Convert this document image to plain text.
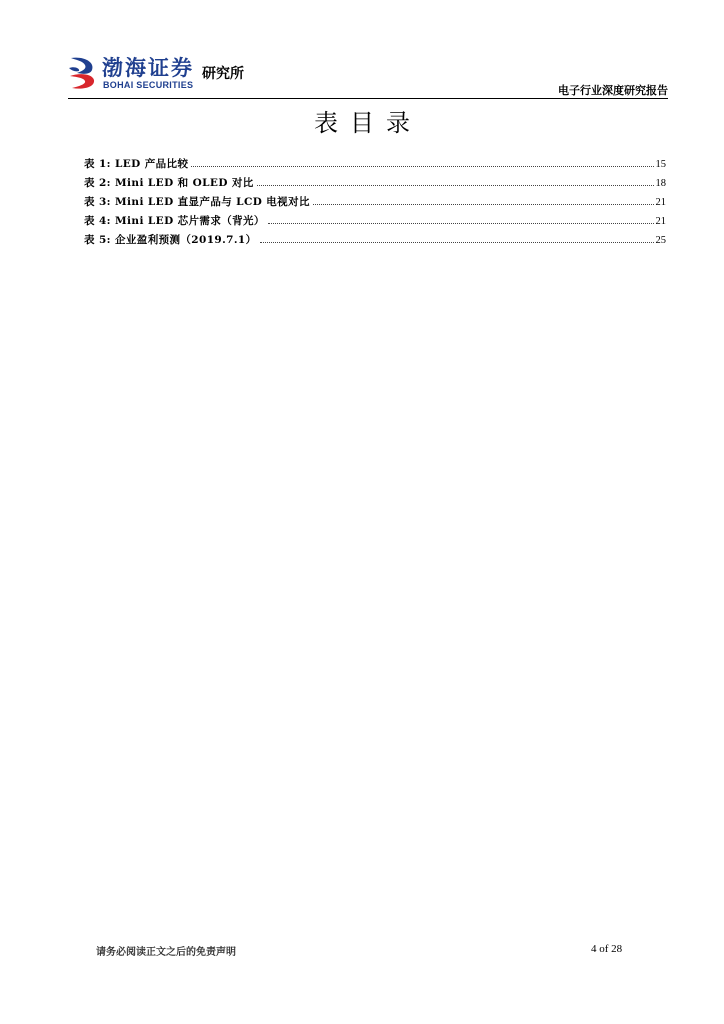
渤海证券
BOHAI SECURITIES
研究所
电子行业深度研究报告
表目录
表 1: LED 产品比较	15
表 2: Mini LED 和 OLED 对比	18
表 3: Mini LED 直显产品与 LCD 电视对比	21
表 4: Mini LED 芯片需求（背光）	21
表 5: 企业盈利预测（2019.7.1）	25
请务必阅读正文之后的免责声明	4 of 28
